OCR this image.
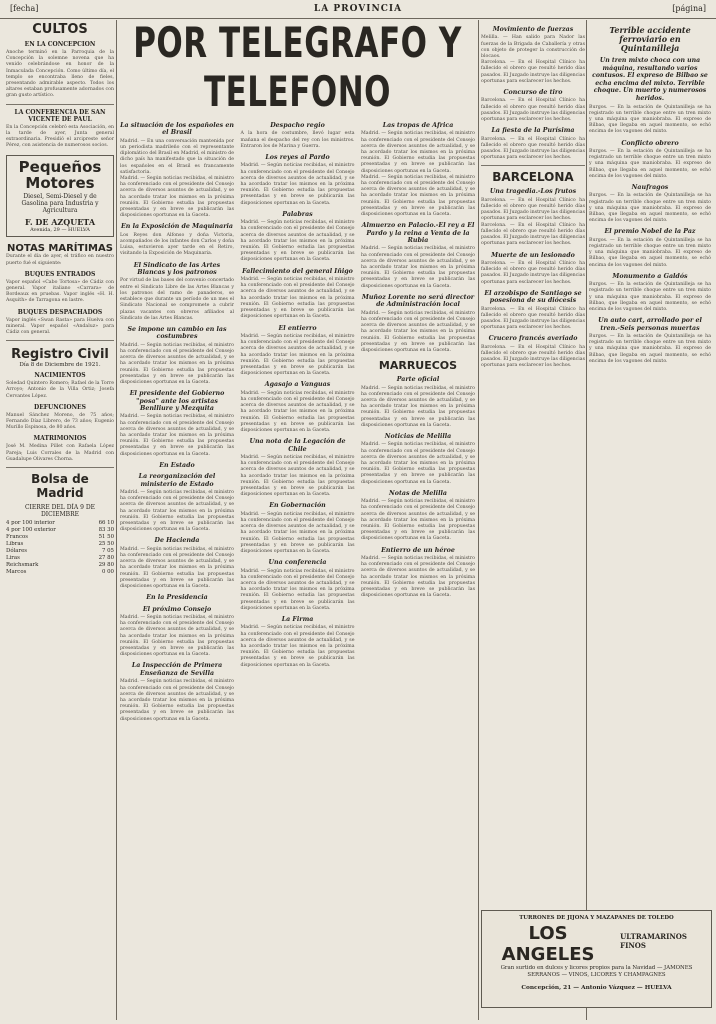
[fecha]	LA PROVINCIA	[página]
CULTOS
EN LA CONCEPCION

Anoche terminó en la Parroquia de la Concepción la solemne novena que ha venido celebrándose en honor de la Inmaculada Concepción. Como último día, el templo se encontraba lleno de fieles, presentando admirable aspecto. Todos los altares estaban profusamente adornados con gran gusto artístico.

LA CONFERENCIA DE SAN VICENTE DE PAUL

En la Concepción celebró esta Asociación, en la tarde de ayer, Junta general extraordinaria. Presidió el arcipreste señor Pérez, con asistencia de numerosos socios.

Pequeños Motores
Diesel, Semi-Diesel y de Gasolina para Industria y Agricultura
F. DE AZQUETA
Avenida, 29 — HUELVA
NOTAS MARÍTIMAS

Durante el día de ayer, el tráfico en nuestro puerto fué el siguiente:

BUQUES ENTRADOS

Vapor español «Cabo Tortosa» de Cádiz con general. Vapor italiano «Carrara» de Bordeaux en pruebas. Vapor inglés «H. H. Asquith» de Tarragona en lastre.

BUQUES DESPACHADOS

Vapor inglés «Swan Rasta» para Huelva con mineral. Vapor español «Andaluz» para Cádiz con general.

Registro Civil
Día 8 de Diciembre de 1921.
NACIMIENTOS

Soledad Quintero Romero; Rafael de la Torre Arroyo; Antonio de la Villa Ortiz; Josefa Cervantes López.

DEFUNCIONES

Manuel Sánchez Moreno, de 75 años; Fernando Díaz Librero, de 73 años; Eugenio Murillo Espinosa, de 80 años.

MATRIMONIOS

José M. Medina Pillet con Rafaela López Pareja; Luis Corrales de la Madrid con Guadalupe Olivares Chorna.

Bolsa de Madrid
CIERRE DEL DÍA 9 DE DICIEMBRE
4 por 100 interior	66 10
4 por 100 exterior	83 30
Francos	51 50
Libras	25 50
Dólares	7 05
Liras	27 80
Reichsmark	29 80
Marcos	0 00
POR TELEGRAFO Y TELEFONO
La situación de los españoles en el Brasil

Madrid. — En una conversación mantenida por un periodista madrileño con el representante diplomático del Brasil en Madrid, el ministro de dicho país ha manifestado que la situación de los españoles en el Brasil es francamente satisfactoria.

Madrid. — Según noticias recibidas, el ministro ha conferenciado con el presidente del Consejo acerca de diversos asuntos de actualidad, y se ha acordado tratar los mismos en la próxima reunión. El Gobierno estudia las propuestas presentadas y en breve se publicarán las disposiciones oportunas en la Gaceta.

En la Exposición de Maquinaria

Los Reyes don Alfonso y doña Victoria, acompañados de los infantes don Carlos y doña Luisa, estuvieron ayer tarde en el Retiro, visitando la Exposición de Maquinaria.

El Sindicato de las Artes Blancas y los patronos

Por virtud de las bases del convenio concertado entre el Sindicato Libre de las Artes Blancas y los patronos del ramo de panaderos, se establece que durante un período de un mes el Sindicato Nacional se compromete a cubrir plazas vacantes con obreros afiliados al Sindicato de las Artes Blancas.

Se impone un cambio en las costumbres

Madrid. — Según noticias recibidas, el ministro ha conferenciado con el presidente del Consejo acerca de diversos asuntos de actualidad, y se ha acordado tratar los mismos en la próxima reunión. El Gobierno estudia las propuestas presentadas y en breve se publicarán las disposiciones oportunas en la Gaceta.

El presidente del Gobierno "posa" ante los artistas Benlliure y Mezquita

Madrid. — Según noticias recibidas, el ministro ha conferenciado con el presidente del Consejo acerca de diversos asuntos de actualidad, y se ha acordado tratar los mismos en la próxima reunión. El Gobierno estudia las propuestas presentadas y en breve se publicarán las disposiciones oportunas en la Gaceta.

En Estado
La reorganización del ministerio de Estado

Madrid. — Según noticias recibidas, el ministro ha conferenciado con el presidente del Consejo acerca de diversos asuntos de actualidad, y se ha acordado tratar los mismos en la próxima reunión. El Gobierno estudia las propuestas presentadas y en breve se publicarán las disposiciones oportunas en la Gaceta.

De Hacienda

Madrid. — Según noticias recibidas, el ministro ha conferenciado con el presidente del Consejo acerca de diversos asuntos de actualidad, y se ha acordado tratar los mismos en la próxima reunión. El Gobierno estudia las propuestas presentadas y en breve se publicarán las disposiciones oportunas en la Gaceta.

En la Presidencia
El próximo Consejo

Madrid. — Según noticias recibidas, el ministro ha conferenciado con el presidente del Consejo acerca de diversos asuntos de actualidad, y se ha acordado tratar los mismos en la próxima reunión. El Gobierno estudia las propuestas presentadas y en breve se publicarán las disposiciones oportunas en la Gaceta.

La Inspección de Primera Enseñanza de Sevilla

Madrid. — Según noticias recibidas, el ministro ha conferenciado con el presidente del Consejo acerca de diversos asuntos de actualidad, y se ha acordado tratar los mismos en la próxima reunión. El Gobierno estudia las propuestas presentadas y en breve se publicarán las disposiciones oportunas en la Gaceta.

Despacho regio

A la hora de costumbre, llevó lugar esta mañana el despacho del rey con los ministros. Entraron los de Marina y Guerra.

Los reyes al Pardo

Madrid. — Según noticias recibidas, el ministro ha conferenciado con el presidente del Consejo acerca de diversos asuntos de actualidad, y se ha acordado tratar los mismos en la próxima reunión. El Gobierno estudia las propuestas presentadas y en breve se publicarán las disposiciones oportunas en la Gaceta.

Palabras

Madrid. — Según noticias recibidas, el ministro ha conferenciado con el presidente del Consejo acerca de diversos asuntos de actualidad, y se ha acordado tratar los mismos en la próxima reunión. El Gobierno estudia las propuestas presentadas y en breve se publicarán las disposiciones oportunas en la Gaceta.

Fallecimiento del general Iñigo

Madrid. — Según noticias recibidas, el ministro ha conferenciado con el presidente del Consejo acerca de diversos asuntos de actualidad, y se ha acordado tratar los mismos en la próxima reunión. El Gobierno estudia las propuestas presentadas y en breve se publicarán las disposiciones oportunas en la Gaceta.

El entierro

Madrid. — Según noticias recibidas, el ministro ha conferenciado con el presidente del Consejo acerca de diversos asuntos de actualidad, y se ha acordado tratar los mismos en la próxima reunión. El Gobierno estudia las propuestas presentadas y en breve se publicarán las disposiciones oportunas en la Gaceta.

Agasajo a Vanguas

Madrid. — Según noticias recibidas, el ministro ha conferenciado con el presidente del Consejo acerca de diversos asuntos de actualidad, y se ha acordado tratar los mismos en la próxima reunión. El Gobierno estudia las propuestas presentadas y en breve se publicarán las disposiciones oportunas en la Gaceta.

Una nota de la Legación de Chile

Madrid. — Según noticias recibidas, el ministro ha conferenciado con el presidente del Consejo acerca de diversos asuntos de actualidad, y se ha acordado tratar los mismos en la próxima reunión. El Gobierno estudia las propuestas presentadas y en breve se publicarán las disposiciones oportunas en la Gaceta.

En Gobernación

Madrid. — Según noticias recibidas, el ministro ha conferenciado con el presidente del Consejo acerca de diversos asuntos de actualidad, y se ha acordado tratar los mismos en la próxima reunión. El Gobierno estudia las propuestas presentadas y en breve se publicarán las disposiciones oportunas en la Gaceta.

Una conferencia

Madrid. — Según noticias recibidas, el ministro ha conferenciado con el presidente del Consejo acerca de diversos asuntos de actualidad, y se ha acordado tratar los mismos en la próxima reunión. El Gobierno estudia las propuestas presentadas y en breve se publicarán las disposiciones oportunas en la Gaceta.

La Firma

Madrid. — Según noticias recibidas, el ministro ha conferenciado con el presidente del Consejo acerca de diversos asuntos de actualidad, y se ha acordado tratar los mismos en la próxima reunión. El Gobierno estudia las propuestas presentadas y en breve se publicarán las disposiciones oportunas en la Gaceta.

Las tropas de Africa

Madrid. — Según noticias recibidas, el ministro ha conferenciado con el presidente del Consejo acerca de diversos asuntos de actualidad, y se ha acordado tratar los mismos en la próxima reunión. El Gobierno estudia las propuestas presentadas y en breve se publicarán las disposiciones oportunas en la Gaceta.

Madrid. — Según noticias recibidas, el ministro ha conferenciado con el presidente del Consejo acerca de diversos asuntos de actualidad, y se ha acordado tratar los mismos en la próxima reunión. El Gobierno estudia las propuestas presentadas y en breve se publicarán las disposiciones oportunas en la Gaceta.

Almuerzo en Palacio.-El rey a El Pardo y la reina a Venta de la Rubia

Madrid. — Según noticias recibidas, el ministro ha conferenciado con el presidente del Consejo acerca de diversos asuntos de actualidad, y se ha acordado tratar los mismos en la próxima reunión. El Gobierno estudia las propuestas presentadas y en breve se publicarán las disposiciones oportunas en la Gaceta.

Muñoz Lorente no será director de Administración local

Madrid. — Según noticias recibidas, el ministro ha conferenciado con el presidente del Consejo acerca de diversos asuntos de actualidad, y se ha acordado tratar los mismos en la próxima reunión. El Gobierno estudia las propuestas presentadas y en breve se publicarán las disposiciones oportunas en la Gaceta.

MARRUECOS
Parte oficial

Madrid. — Según noticias recibidas, el ministro ha conferenciado con el presidente del Consejo acerca de diversos asuntos de actualidad, y se ha acordado tratar los mismos en la próxima reunión. El Gobierno estudia las propuestas presentadas y en breve se publicarán las disposiciones oportunas en la Gaceta.

Noticias de Melilla

Madrid. — Según noticias recibidas, el ministro ha conferenciado con el presidente del Consejo acerca de diversos asuntos de actualidad, y se ha acordado tratar los mismos en la próxima reunión. El Gobierno estudia las propuestas presentadas y en breve se publicarán las disposiciones oportunas en la Gaceta.

Notas de Melilla

Madrid. — Según noticias recibidas, el ministro ha conferenciado con el presidente del Consejo acerca de diversos asuntos de actualidad, y se ha acordado tratar los mismos en la próxima reunión. El Gobierno estudia las propuestas presentadas y en breve se publicarán las disposiciones oportunas en la Gaceta.

Entierro de un héroe

Madrid. — Según noticias recibidas, el ministro ha conferenciado con el presidente del Consejo acerca de diversos asuntos de actualidad, y se ha acordado tratar los mismos en la próxima reunión. El Gobierno estudia las propuestas presentadas y en breve se publicarán las disposiciones oportunas en la Gaceta.

Movimiento de fuerzas

Melilla. — Han salido para Nador las fuerzas de la Brigada de Caballería y otras con objeto de proteger la construcción de blocaos.

Barcelona. — En el Hospital Clínico ha fallecido el obrero que resultó herido días pasados. El Juzgado instruye las diligencias oportunas para esclarecer los hechos.

Concurso de tiro

Barcelona. — En el Hospital Clínico ha fallecido el obrero que resultó herido días pasados. El Juzgado instruye las diligencias oportunas para esclarecer los hechos.

La fiesta de la Purísima

Barcelona. — En el Hospital Clínico ha fallecido el obrero que resultó herido días pasados. El Juzgado instruye las diligencias oportunas para esclarecer los hechos.

BARCELONA
Una tragedia.-Los frutos

Barcelona. — En el Hospital Clínico ha fallecido el obrero que resultó herido días pasados. El Juzgado instruye las diligencias oportunas para esclarecer los hechos.

Barcelona. — En el Hospital Clínico ha fallecido el obrero que resultó herido días pasados. El Juzgado instruye las diligencias oportunas para esclarecer los hechos.

Muerte de un lesionado

Barcelona. — En el Hospital Clínico ha fallecido el obrero que resultó herido días pasados. El Juzgado instruye las diligencias oportunas para esclarecer los hechos.

El arzobispo de Santiago se posesiona de su diócesis

Barcelona. — En el Hospital Clínico ha fallecido el obrero que resultó herido días pasados. El Juzgado instruye las diligencias oportunas para esclarecer los hechos.

Crucero francés averiado

Barcelona. — En el Hospital Clínico ha fallecido el obrero que resultó herido días pasados. El Juzgado instruye las diligencias oportunas para esclarecer los hechos.

Terrible accidente ferroviario en Quintanilleja
Un tren mixto choca con una máquina, resultando varios contusos. El expreso de Bilbao se echa encima del mixto. Terrible choque. Un muerto y numerosos heridos.

Burgos. — En la estación de Quintanilleja se ha registrado un terrible choque entre un tren mixto y una máquina que maniobraba. El expreso de Bilbao, que llegaba en aquel momento, se echó encima de los vagones del mixto.

Conflicto obrero

Burgos. — En la estación de Quintanilleja se ha registrado un terrible choque entre un tren mixto y una máquina que maniobraba. El expreso de Bilbao, que llegaba en aquel momento, se echó encima de los vagones del mixto.

Naufragos

Burgos. — En la estación de Quintanilleja se ha registrado un terrible choque entre un tren mixto y una máquina que maniobraba. El expreso de Bilbao, que llegaba en aquel momento, se echó encima de los vagones del mixto.

El premio Nobel de la Paz

Burgos. — En la estación de Quintanilleja se ha registrado un terrible choque entre un tren mixto y una máquina que maniobraba. El expreso de Bilbao, que llegaba en aquel momento, se echó encima de los vagones del mixto.

Monumento a Galdós

Burgos. — En la estación de Quintanilleja se ha registrado un terrible choque entre un tren mixto y una máquina que maniobraba. El expreso de Bilbao, que llegaba en aquel momento, se echó encima de los vagones del mixto.

Un auto cart, arrollado por el tren.-Seis personas muertas

Burgos. — En la estación de Quintanilleja se ha registrado un terrible choque entre un tren mixto y una máquina que maniobraba. El expreso de Bilbao, que llegaba en aquel momento, se echó encima de los vagones del mixto.

TURRONES DE JIJONA Y MAZAPANES DE TOLEDO
LOS ANGELES
ULTRAMARINOS FINOS
Gran surtido en dulces y licores propios para la Navidad — JAMONES SERRANOS — VINOS, LICORES Y CHAMPAGNES
Concepción, 21 — Antonio Vázquez — HUELVA
